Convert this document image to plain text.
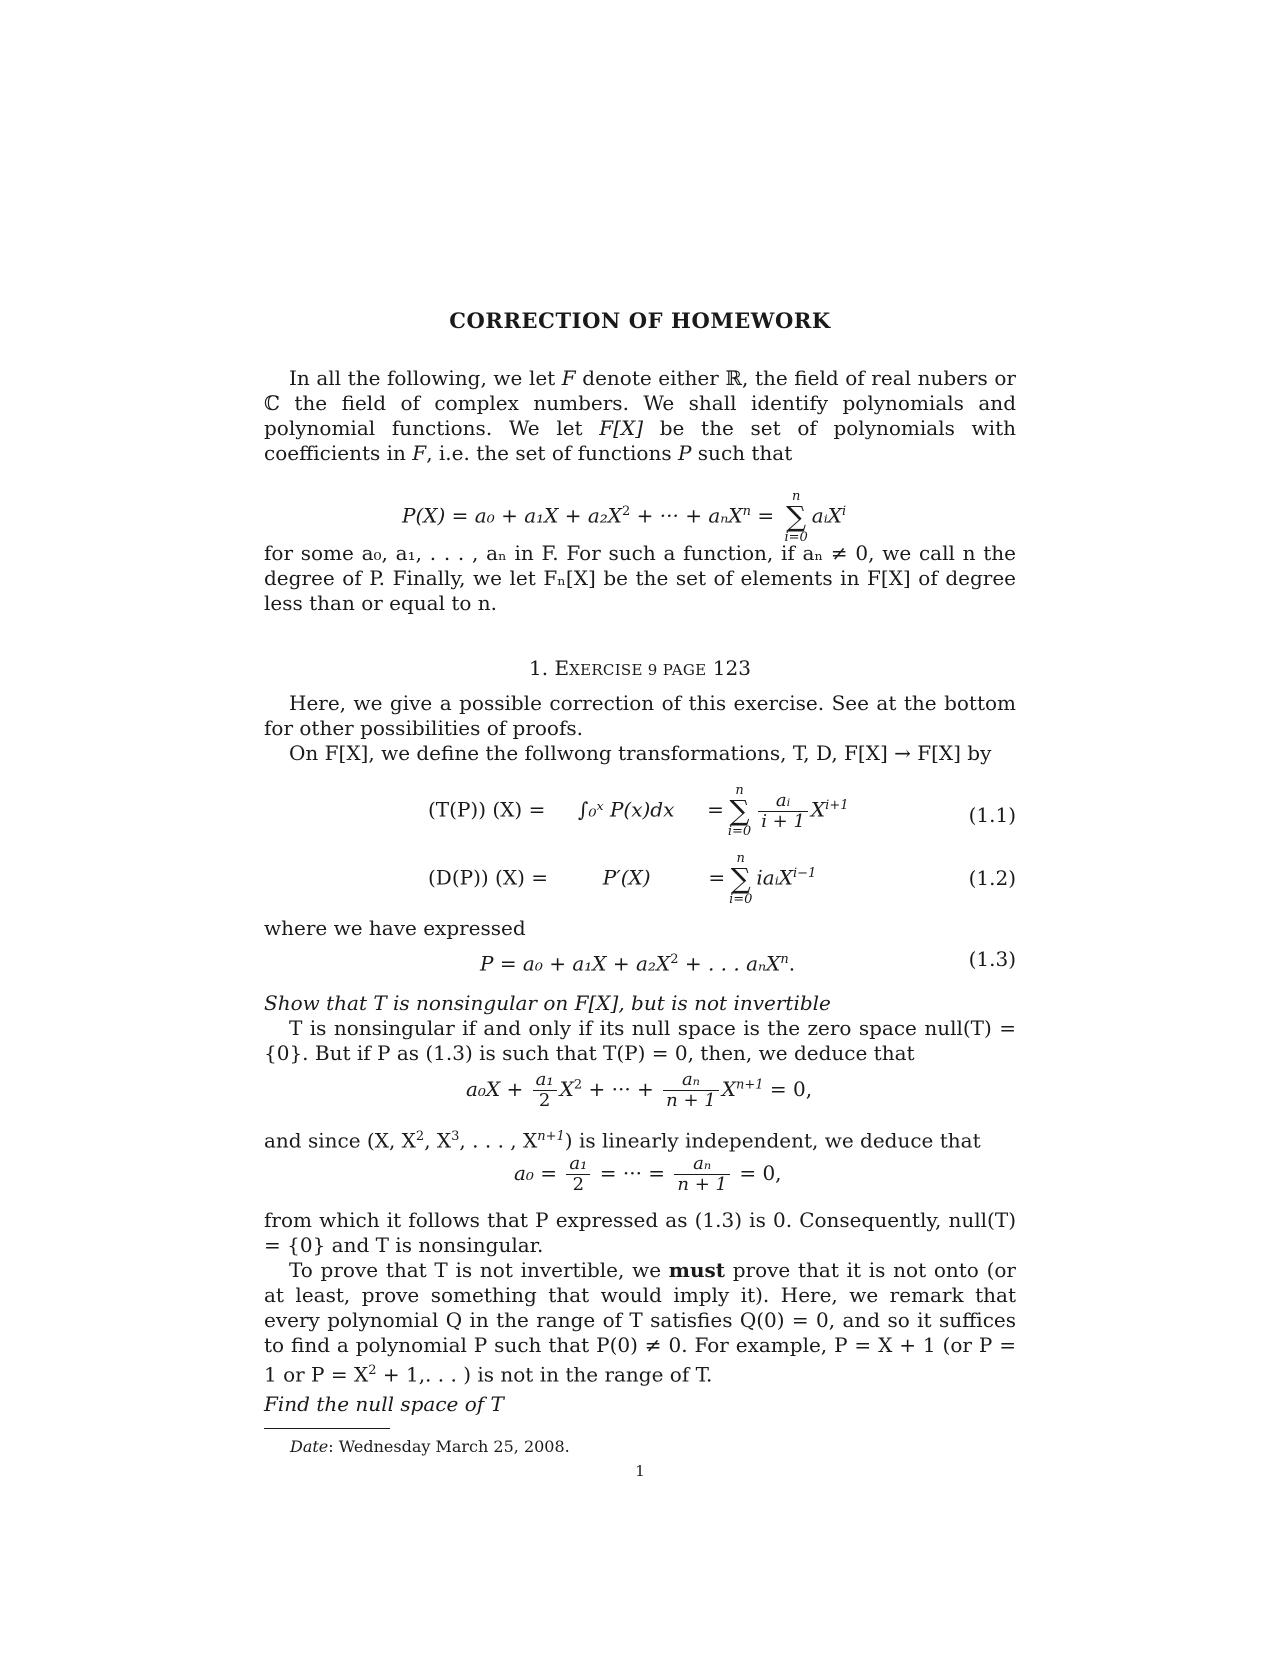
CORRECTION OF HOMEWORK
In all the following, we let F denote either ℝ, the field of real nubers or ℂ the field of complex numbers. We shall identify polynomials and polynomial functions. We let F[X] be the set of polynomials with coefficients in F, i.e. the set of functions P such that
$P(X) = a_0 + a_1X + a_2X^2$ + ··· + aₙX$^n$ =
n
∑
i=0
aᵢX$^i$
for some a₀, a₁, . . . , aₙ in F. For such a function, if aₙ ≠ 0, we call n the degree of P. Finally, we let Fₙ[X] be the set of elements in F[X] of degree less than or equal to n.
1. EXERCISE 9 PAGE 123
Here, we give a possible correction of this exercise. See at the bottom for other possibilities of proofs.
On F[X], we define the follwong transformations, T, D, F[X] → F[X] by
(T(P)) (X) = ∫₀ˣ P(x)dx =
n
∑
$i=0 \frac{\text{aᵢ}}{i + 1} X^{i+1}$	(1.1)
(D(P)) (X) =	P′(X)	=
n
∑
i=0
iaᵢX$^{i-1}$	(1.2)
where we have expressed
$P = a_0 + a_1X + a_2X^2$ + . . . aₙX$^n$.	(1.3)
Show that T is nonsingular on F[X], but is not invertible
T is nonsingular if and only if its null space is the zero space null(T) = {0}. But if P as (1.3) is such that T(P) = 0, then, we deduce that
$a_0X + \frac{\text{a₁}}{2} X^2$ + ··· + $\frac{\text{aₙ}}{n + 1} X^{n+1} = 0$,
and since (X, $X^2$, $X^3$, . . . , $X^{n+1}$) is linearly independent, we deduce that
$a_0 = \frac{\text{a₁}}{2}$ = ··· = $\frac{\text{aₙ}}{n + 1} = 0$,
from which it follows that P expressed as (1.3) is 0. Consequently, null(T) = {0} and T is nonsingular.
To prove that T is not invertible, we must prove that it is not onto (or at least, prove something that would imply it). Here, we remark that every polynomial Q in the range of T satisfies Q(0) = 0, and so it suffices to find a polynomial P such that P(0) ≠ 0. For example, P = X + 1 (or P = 1 or $P = X^2 + 1$,. . . ) is not in the range of T.
Find the null space of T
Date: Wednesday March 25, 2008.
1
